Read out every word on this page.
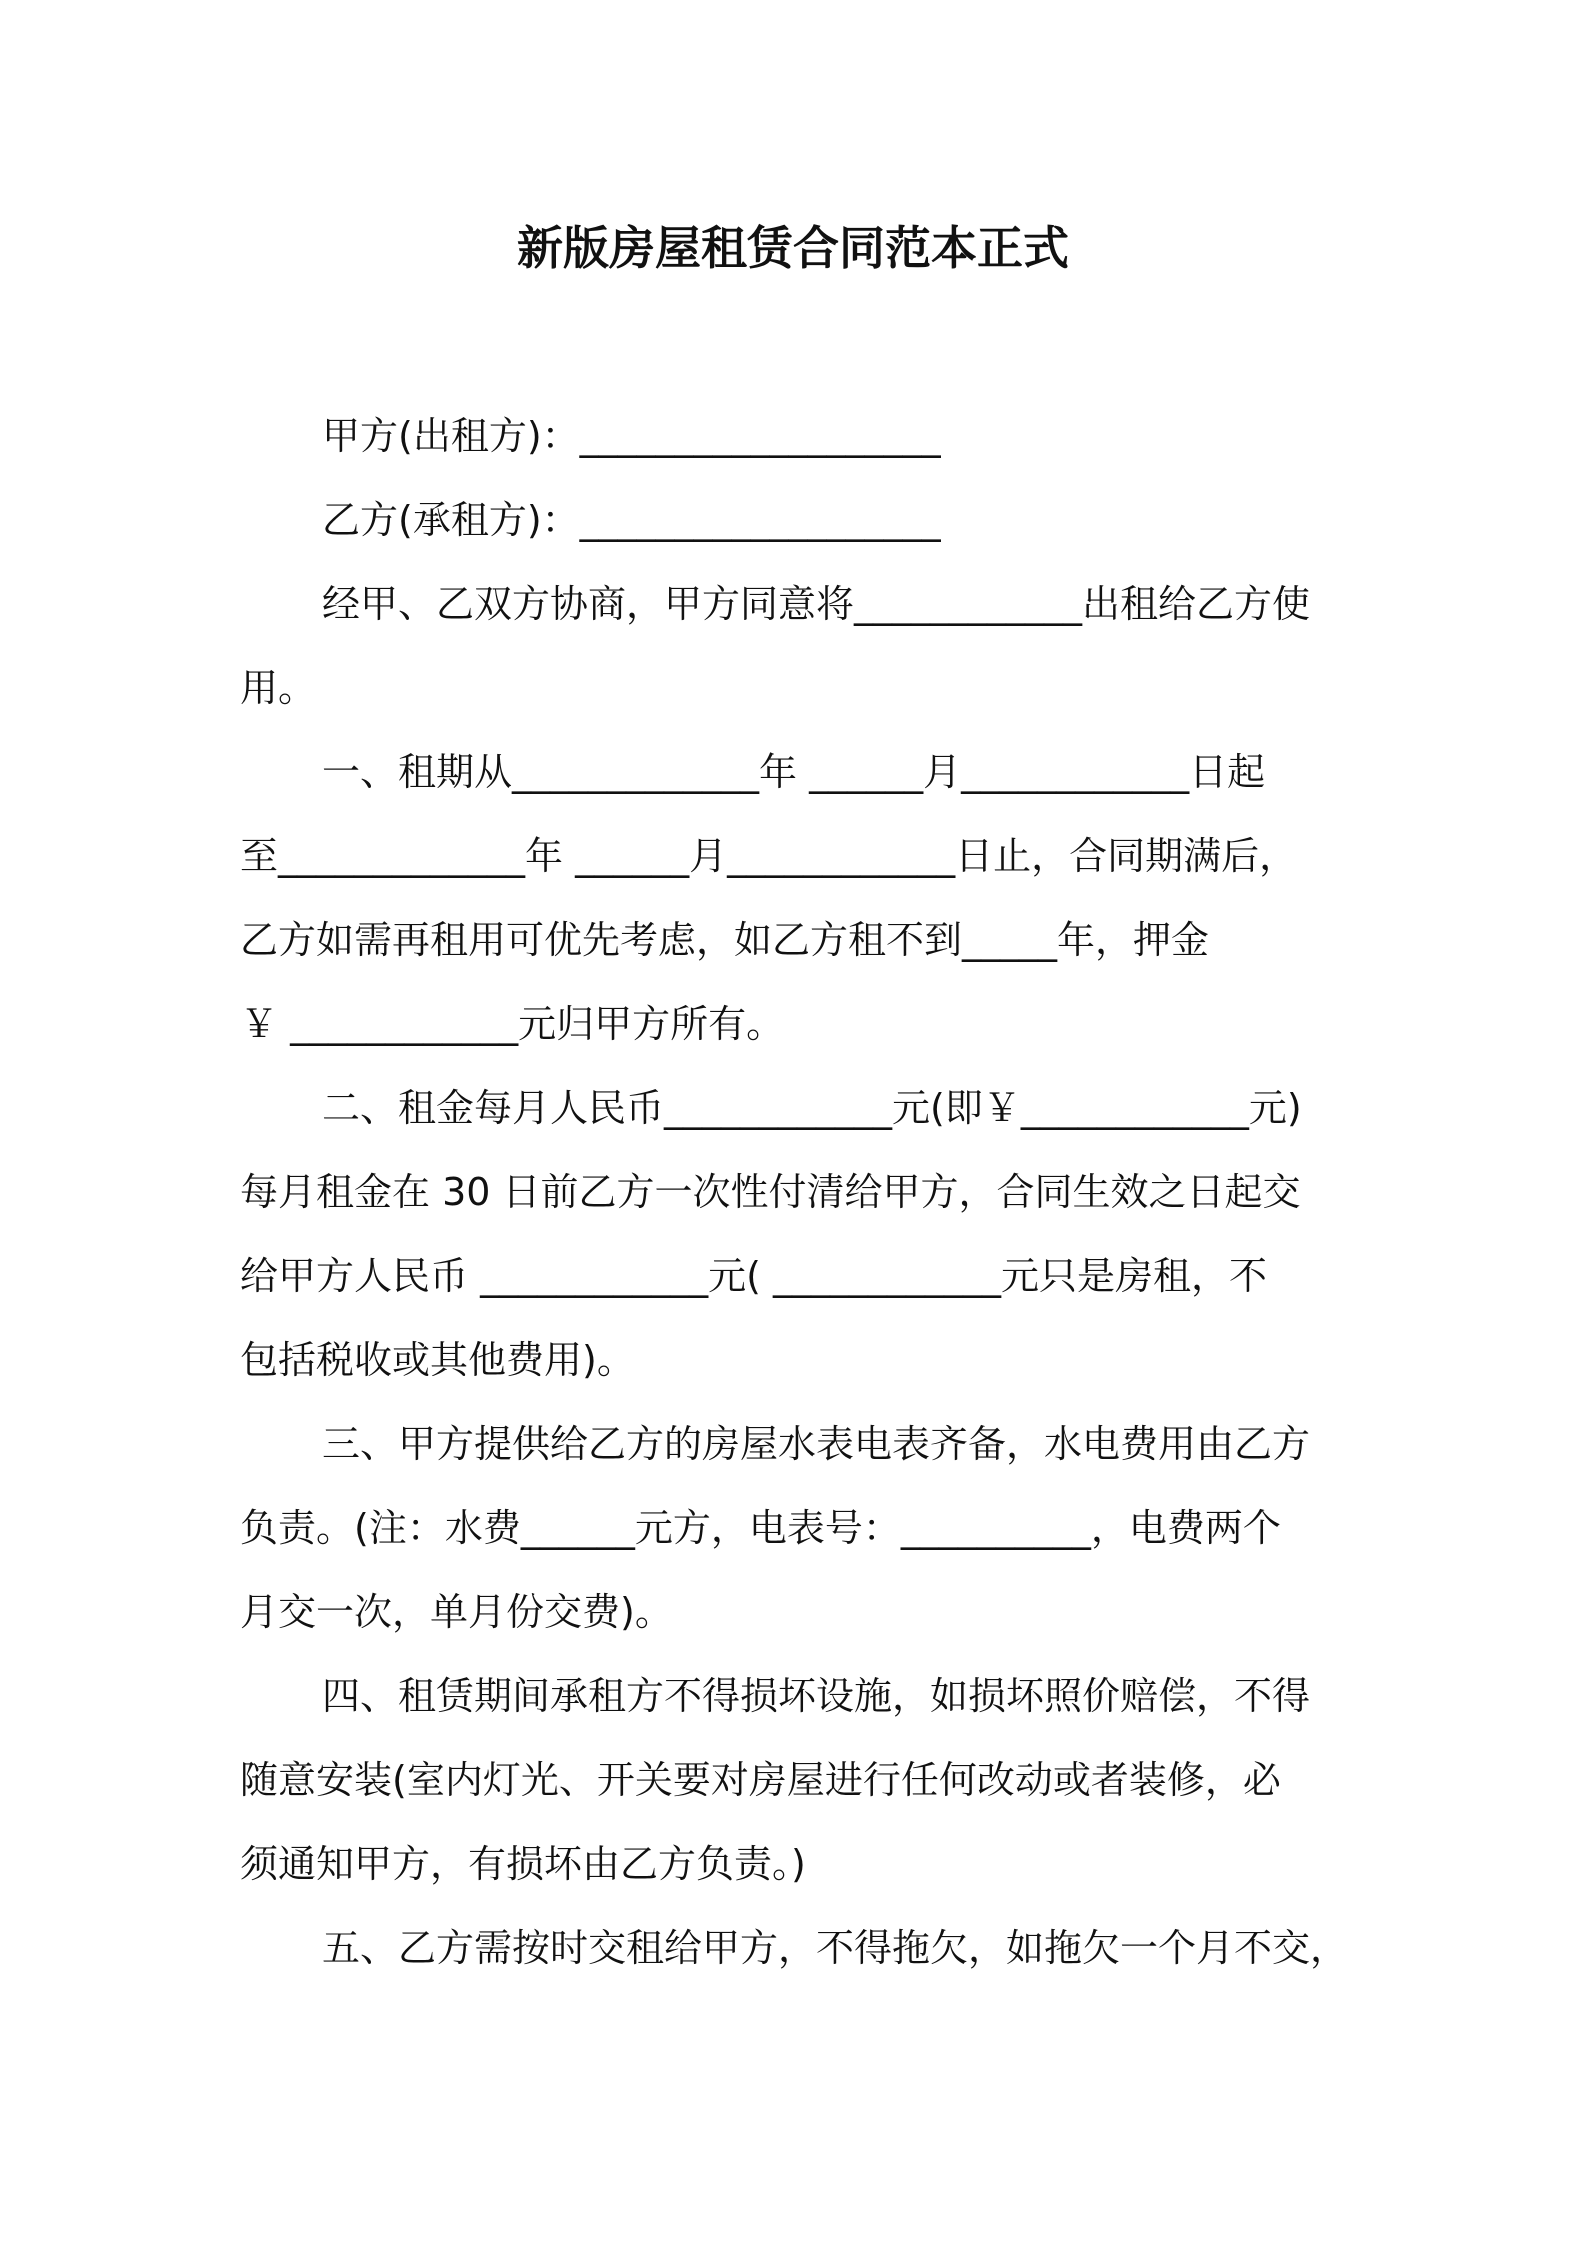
新版房屋租赁合同范本正式
甲方(出租方)：___________________
乙方(承租方)：___________________
经甲、乙双方协商，甲方同意将____________出租给乙方使
用。
一、租期从_____________年 ______月____________日起
至_____________年 ______月____________日止，合同期满后，
乙方如需再租用可优先考虑，如乙方租不到_____年，押金
￥ ____________元归甲方所有。
二、租金每月人民币____________元(即￥____________元)
每月租金在 30 日前乙方一次性付清给甲方，合同生效之日起交
给甲方人民币 ____________元( ____________元只是房租，不
包括税收或其他费用)。
三、甲方提供给乙方的房屋水表电表齐备，水电费用由乙方
负责。(注：水费______元方，电表号：__________，电费两个
月交一次，单月份交费)。
四、租赁期间承租方不得损坏设施，如损坏照价赔偿，不得
随意安装(室内灯光、开关要对房屋进行任何改动或者装修，必
须通知甲方，有损坏由乙方负责。)
五、乙方需按时交租给甲方，不得拖欠，如拖欠一个月不交，
